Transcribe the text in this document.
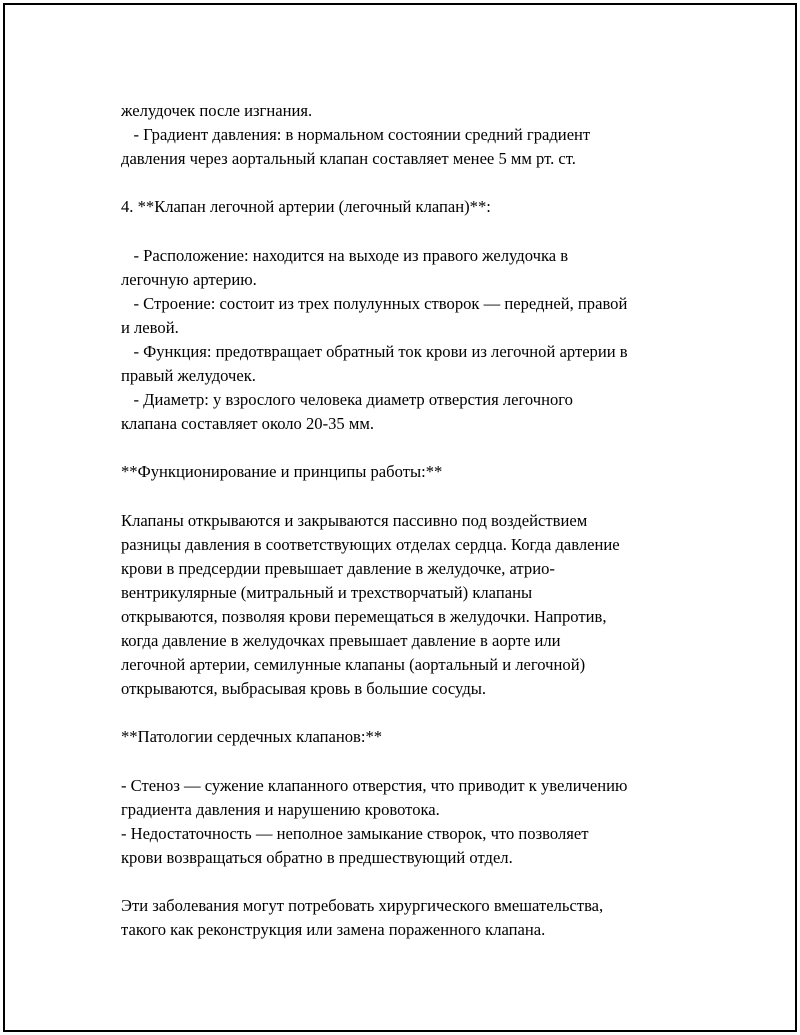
желудочек после изгнания.
- Градиент давления: в нормальном состоянии средний градиент
давления через аортальный клапан составляет менее 5 мм рт. ст.
4. **Клапан легочной артерии (легочный клапан)**:
- Расположение: находится на выходе из правого желудочка в
легочную артерию.
- Строение: состоит из трех полулунных створок — передней, правой
и левой.
- Функция: предотвращает обратный ток крови из легочной артерии в
правый желудочек.
- Диаметр: у взрослого человека диаметр отверстия легочного
клапана составляет около 20-35 мм.
**Функционирование и принципы работы:**
Клапаны открываются и закрываются пассивно под воздействием
разницы давления в соответствующих отделах сердца. Когда давление
крови в предсердии превышает давление в желудочке, атрио-
вентрикулярные (митральный и трехстворчатый) клапаны
открываются, позволяя крови перемещаться в желудочки. Напротив,
когда давление в желудочках превышает давление в аорте или
легочной артерии, семилунные клапаны (аортальный и легочной)
открываются, выбрасывая кровь в большие сосуды.
**Патологии сердечных клапанов:**
- Стеноз — сужение клапанного отверстия, что приводит к увеличению
градиента давления и нарушению кровотока.
- Недостаточность — неполное замыкание створок, что позволяет
крови возвращаться обратно в предшествующий отдел.
Эти заболевания могут потребовать хирургического вмешательства,
такого как реконструкция или замена пораженного клапана.
